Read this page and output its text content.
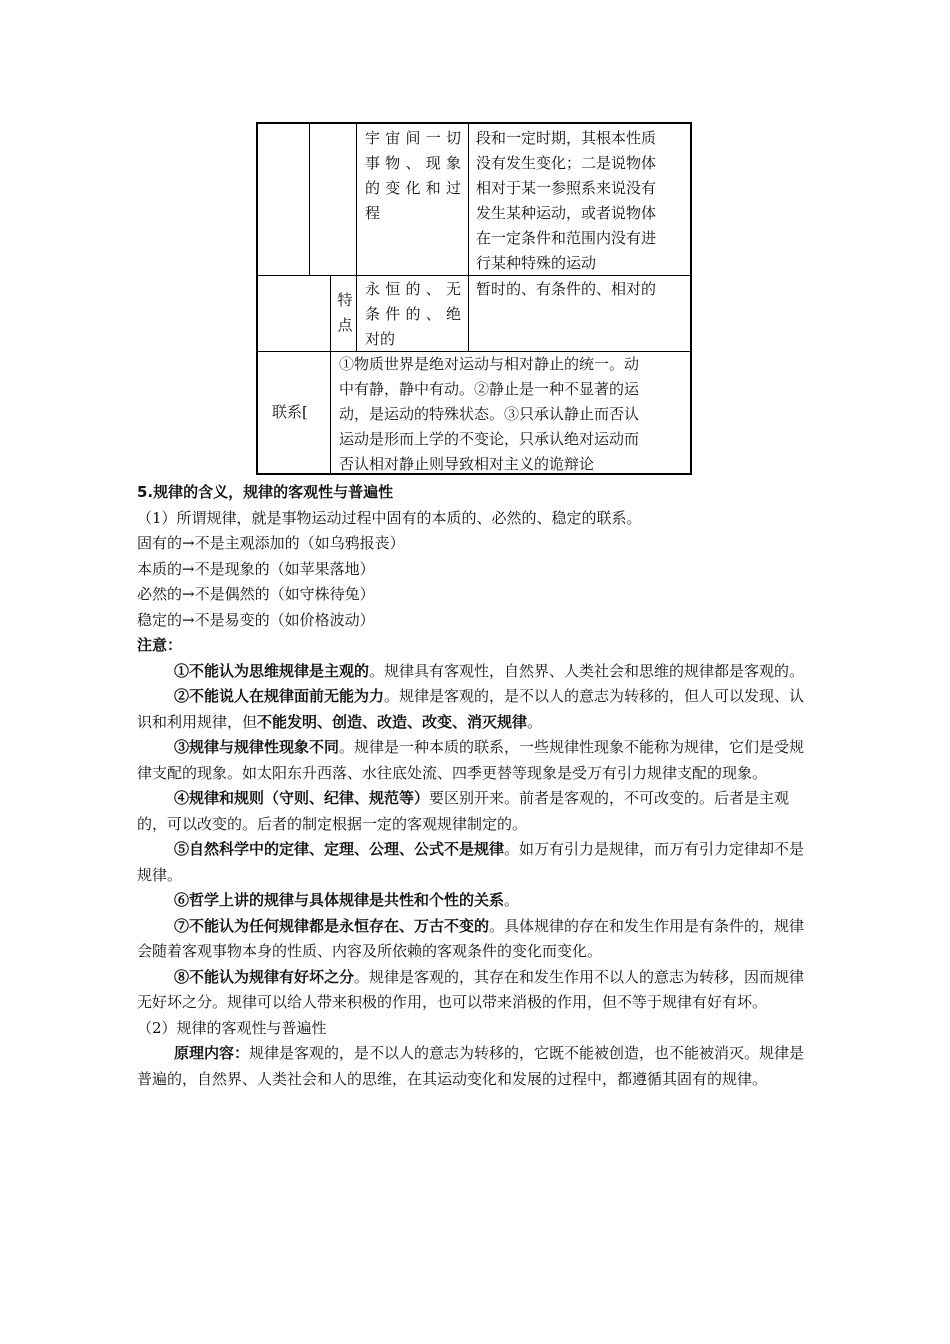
宇宙间一切
事物、现象
的变化和过
程
段和一定时期，其根本性质
没有发生变化；二是说物体
相对于某一参照系来说没有
发生某种运动，或者说物体
在一定条件和范围内没有进
行某种特殊的运动
特
点
永恒的、无
条件的、绝
对的
暂时的、有条件的、相对的
联系[
①物质世界是绝对运动与相对静止的统一。动
中有静，静中有动。②静止是一种不显著的运
动，是运动的特殊状态。③只承认静止而否认
运动是形而上学的不变论，只承认绝对运动而
否认相对静止则导致相对主义的诡辩论

5.规律的含义，规律的客观性与普遍性

（1）所谓规律，就是事物运动过程中固有的本质的、必然的、稳定的联系。

固有的→不是主观添加的（如乌鸦报丧）

本质的→不是现象的（如苹果落地）

必然的→不是偶然的（如守株待兔）

稳定的→不是易变的（如价格波动）

注意：

①不能认为思维规律是主观的。规律具有客观性，自然界、人类社会和思维的规律都是客观的。

②不能说人在规律面前无能为力。规律是客观的，是不以人的意志为转移的，但人可以发现、认识和利用规律，但不能发明、创造、改造、改变、消灭规律。

③规律与规律性现象不同。规律是一种本质的联系，一些规律性现象不能称为规律，它们是受规律支配的现象。如太阳东升西落、水往底处流、四季更替等现象是受万有引力规律支配的现象。

④规律和规则（守则、纪律、规范等）要区别开来。前者是客观的，不可改变的。后者是主观的，可以改变的。后者的制定根据一定的客观规律制定的。

⑤自然科学中的定律、定理、公理、公式不是规律。如万有引力是规律，而万有引力定律却不是规律。

⑥哲学上讲的规律与具体规律是共性和个性的关系。

⑦不能认为任何规律都是永恒存在、万古不变的。具体规律的存在和发生作用是有条件的，规律会随着客观事物本身的性质、内容及所依赖的客观条件的变化而变化。

⑧不能认为规律有好坏之分。规律是客观的，其存在和发生作用不以人的意志为转移，因而规律无好坏之分。规律可以给人带来积极的作用，也可以带来消极的作用，但不等于规律有好有坏。

（2）规律的客观性与普遍性

原理内容：规律是客观的，是不以人的意志为转移的，它既不能被创造，也不能被消灭。规律是普遍的，自然界、人类社会和人的思维，在其运动变化和发展的过程中，都遵循其固有的规律。
